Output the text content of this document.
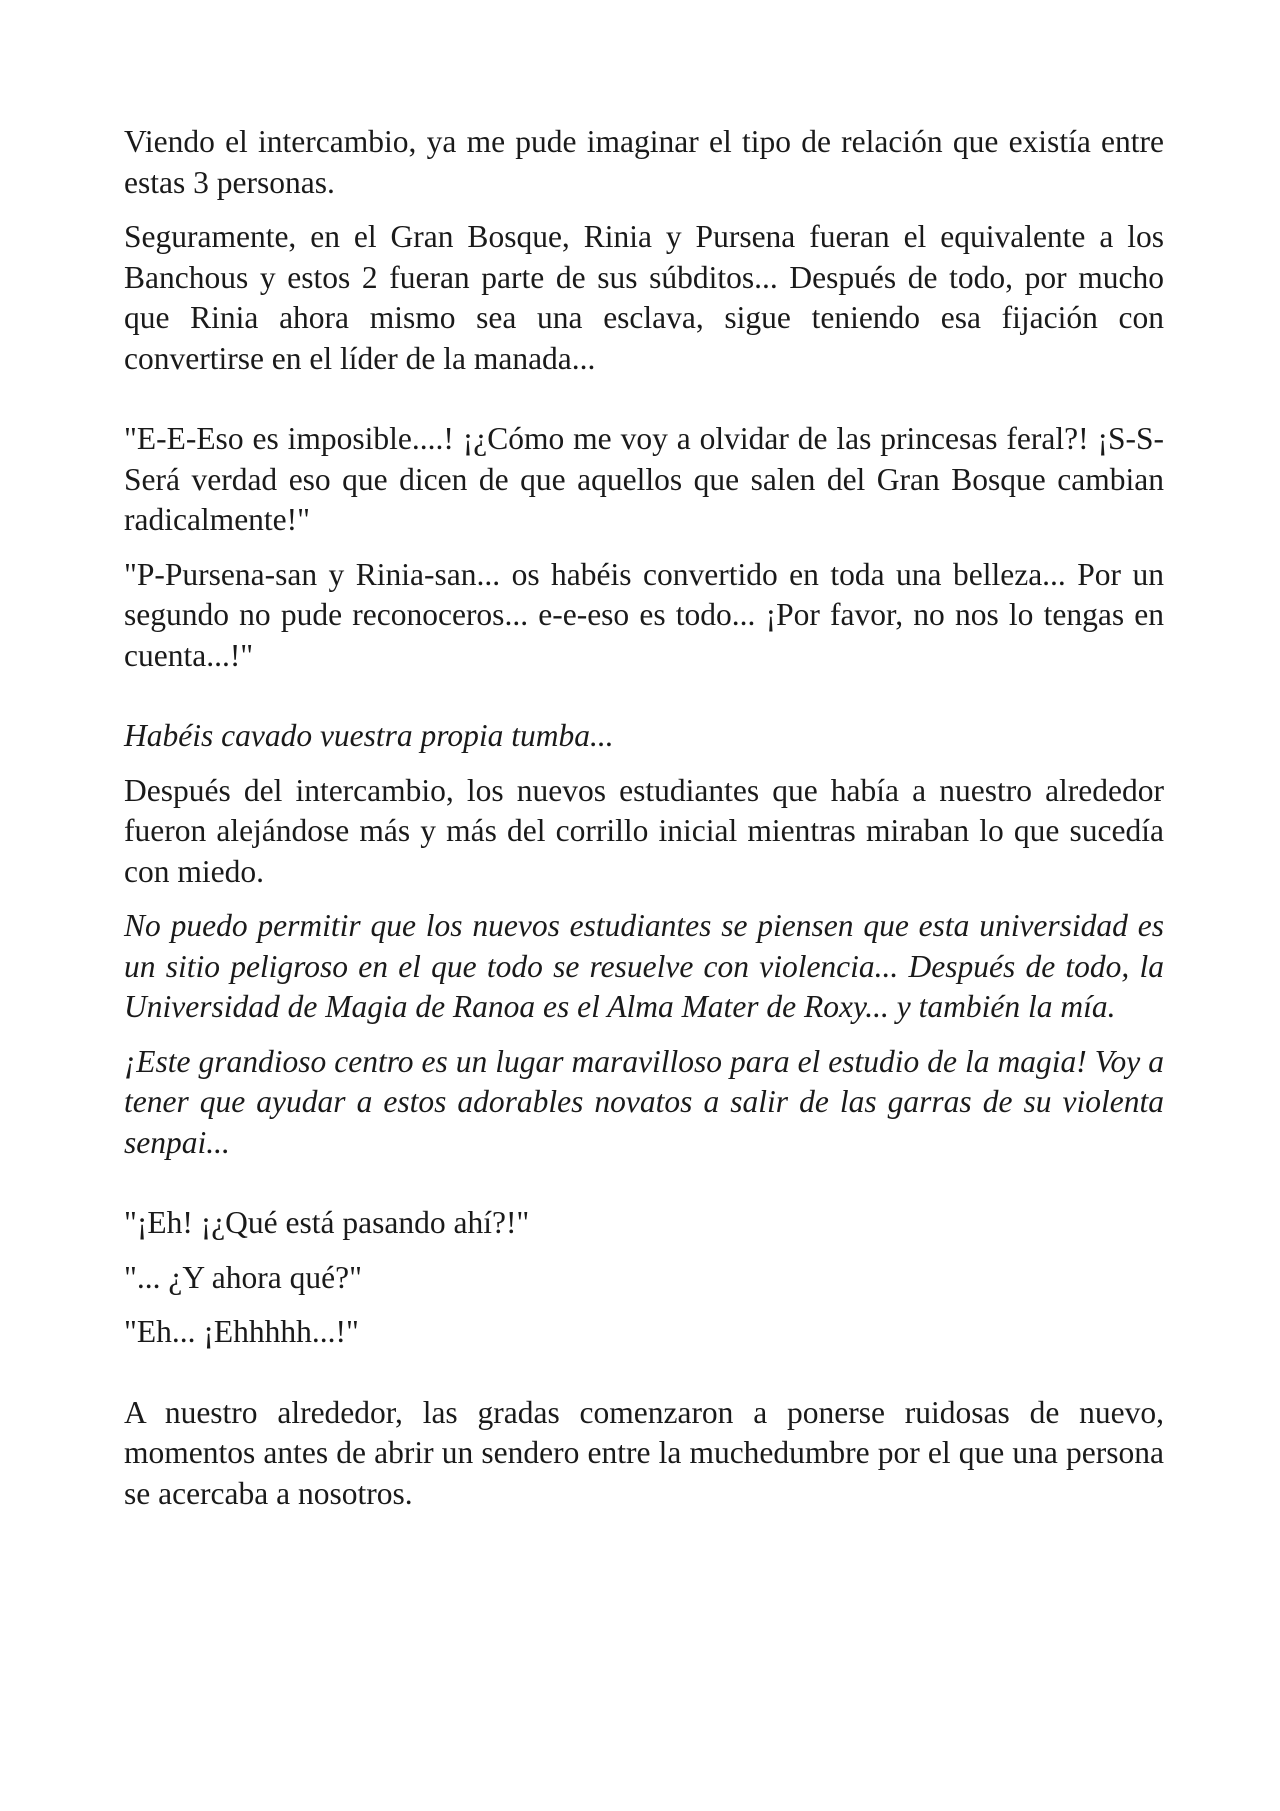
Viendo el intercambio, ya me pude imaginar el tipo de relación que existía entre estas 3 personas.

Seguramente, en el Gran Bosque, Rinia y Pursena fueran el equivalente a los Banchous y estos 2 fueran parte de sus súbditos... Después de todo, por mucho que Rinia ahora mismo sea una esclava, sigue teniendo esa fijación con convertirse en el líder de la manada...

"E-E-Eso es imposible....! ¡¿Cómo me voy a olvidar de las princesas feral?! ¡S-S-Será verdad eso que dicen de que aquellos que salen del Gran Bosque cambian radicalmente!"

"P-Pursena-san y Rinia-san... os habéis convertido en toda una belleza... Por un segundo no pude reconoceros... e-e-eso es todo... ¡Por favor, no nos lo tengas en cuenta...!"

Habéis cavado vuestra propia tumba...

Después del intercambio, los nuevos estudiantes que había a nuestro alrededor fueron alejándose más y más del corrillo inicial mientras miraban lo que sucedía con miedo.

No puedo permitir que los nuevos estudiantes se piensen que esta universidad es un sitio peligroso en el que todo se resuelve con violencia... Después de todo, la Universidad de Magia de Ranoa es el Alma Mater de Roxy... y también la mía.

¡Este grandioso centro es un lugar maravilloso para el estudio de la magia! Voy a tener que ayudar a estos adorables novatos a salir de las garras de su violenta senpai...

"¡Eh! ¡¿Qué está pasando ahí?!"

"... ¿Y ahora qué?"

"Eh... ¡Ehhhhh...!"

A nuestro alrededor, las gradas comenzaron a ponerse ruidosas de nuevo, momentos antes de abrir un sendero entre la muchedumbre por el que una persona se acercaba a nosotros.
